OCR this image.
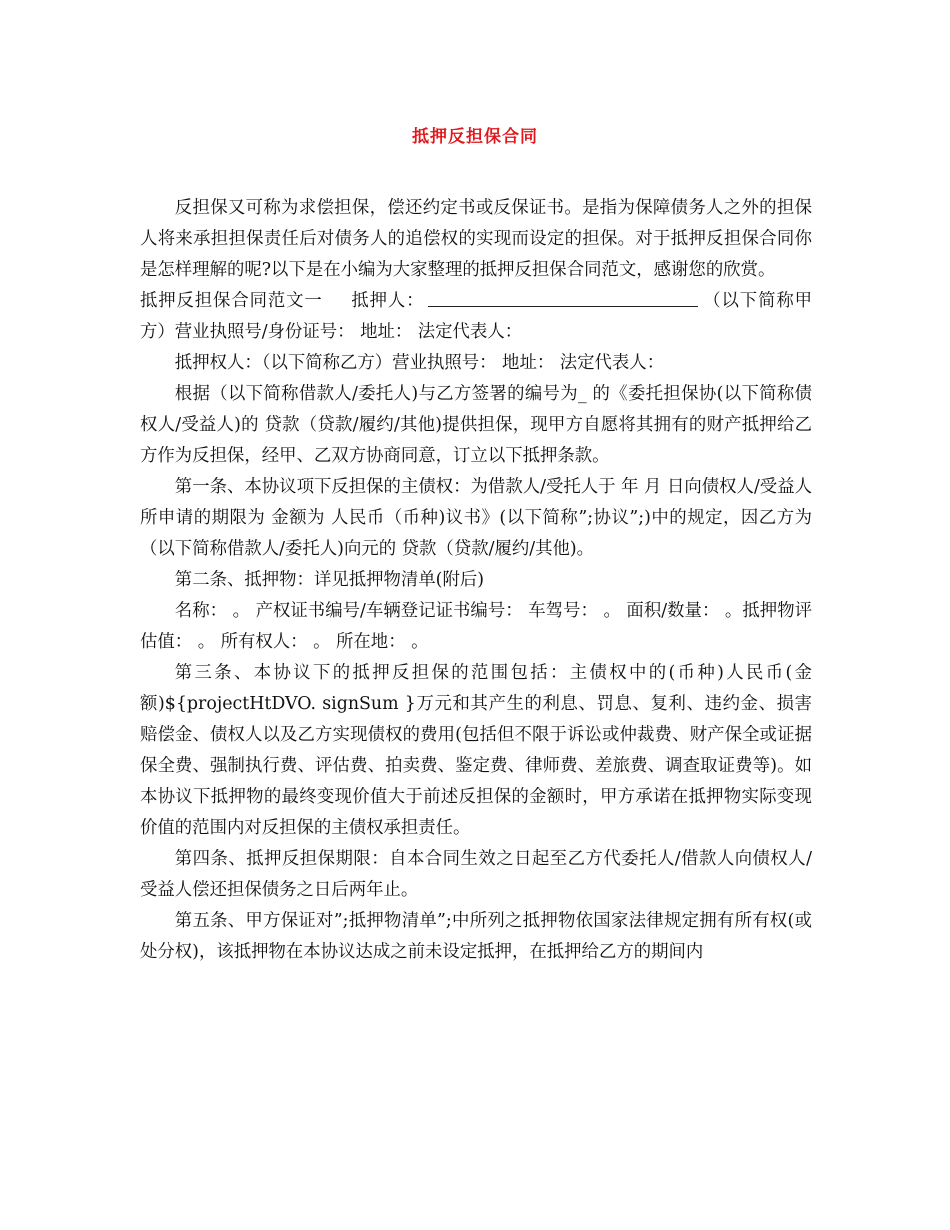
抵押反担保合同

反担保又可称为求偿担保，偿还约定书或反保证书。是指为保障债务人之外的担保人将来承担担保责任后对债务人的追偿权的实现而设定的担保。对于抵押反担保合同你是怎样理解的呢?以下是在小编为大家整理的抵押反担保合同范文，感谢您的欣赏。

抵押反担保合同范文一 抵押人：	（以下简称甲方）营业执照号/身份证号： 地址： 法定代表人：

抵押权人：（以下简称乙方）营业执照号： 地址： 法定代表人：

根据（以下简称借款人/委托人)与乙方签署的编号为_ 的《委托担保协(以下简称债权人/受益人)的 贷款（贷款/履约/其他)提供担保，现甲方自愿将其拥有的财产抵押给乙方作为反担保，经甲、乙双方协商同意，订立以下抵押条款。

第一条、本协议项下反担保的主债权：为借款人/受托人于 年 月 日向债权人/受益人所申请的期限为 金额为 人民币（币种)议书》(以下简称”;协议”;)中的规定，因乙方为（以下简称借款人/委托人)向元的 贷款（贷款/履约/其他)。

第二条、抵押物：详见抵押物清单(附后)

名称： 。 产权证书编号/车辆登记证书编号： 车驾号： 。 面积/数量： 。抵押物评估值： 。 所有权人： 。 所在地： 。

第三条、本协议下的抵押反担保的范围包括：主债权中的(币种)人民币(金额)${projectHtDVO. signSum }万元和其产生的利息、罚息、复利、违约金、损害赔偿金、债权人以及乙方实现债权的费用(包括但不限于诉讼或仲裁费、财产保全或证据保全费、强制执行费、评估费、拍卖费、鉴定费、律师费、差旅费、调查取证费等)。如本协议下抵押物的最终变现价值大于前述反担保的金额时，甲方承诺在抵押物实际变现价值的范围内对反担保的主债权承担责任。

第四条、抵押反担保期限：自本合同生效之日起至乙方代委托人/借款人向债权人/受益人偿还担保债务之日后两年止。

第五条、甲方保证对”;抵押物清单”;中所列之抵押物依国家法律规定拥有所有权(或处分权)，该抵押物在本协议达成之前未设定抵押，在抵押给乙方的期间内
